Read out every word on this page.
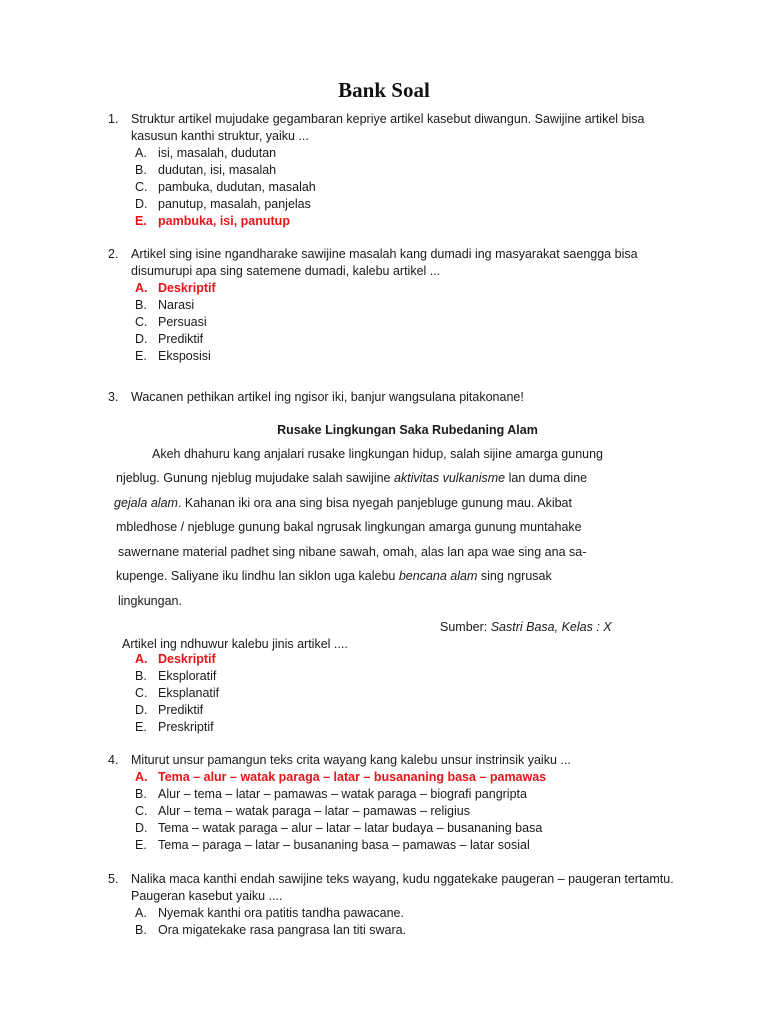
Bank Soal
1. Struktur artikel mujudake gegambaran kepriye artikel kasebut diwangun. Sawijine artikel bisa kasusun kanthi struktur, yaiku ...
A. isi, masalah, dudutan
B. dudutan, isi, masalah
C. pambuka, dudutan, masalah
D. panutup, masalah, panjelas
E. pambuka, isi, panutup
2. Artikel sing isine ngandharake sawijine masalah kang dumadi ing masyarakat saengga bisa disumurupi apa sing satemene dumadi, kalebu artikel ...
A. Deskriptif
B. Narasi
C. Persuasi
D. Prediktif
E. Eksposisi
3. Wacanen pethikan artikel ing ngisor iki, banjur wangsulana pitakonane!
Rusake Lingkungan Saka Rubedaning Alam
Akeh dhahuru kang anjalari rusake lingkungan hidup, salah sijine amarga gunung
njeblug. Gunung njeblug mujudake salah sawijine aktivitas vulkanisme lan duma dine
gejala alam. Kahanan iki ora ana sing bisa nyegah panjebluge gunung mau. Akibat
mbledhose / njebluge gunung bakal ngrusak lingkungan amarga gunung muntahake
sawernane material padhet sing nibane sawah, omah, alas lan apa wae sing ana sa-
kupenge. Saliyane iku lindhu lan siklon uga kalebu bencana alam sing ngrusak
lingkungan.
Sumber: Sastri Basa, Kelas : X
Artikel ing ndhuwur kalebu jinis artikel ....
A. Deskriptif
B. Eksploratif
C. Eksplanatif
D. Prediktif
E. Preskriptif
4. Miturut unsur pamangun teks crita wayang kang kalebu unsur instrinsik yaiku ...
A. Tema – alur – watak paraga – latar – busananing basa – pamawas
B. Alur – tema – latar – pamawas – watak paraga – biografi pangripta
C. Alur – tema – watak paraga – latar – pamawas – religius
D. Tema – watak paraga – alur – latar – latar budaya – busananing basa
E. Tema – paraga – latar – busananing basa – pamawas – latar sosial
5. Nalika maca kanthi endah sawijine teks wayang, kudu nggatekake paugeran – paugeran tertamtu. Paugeran kasebut yaiku ....
A. Nyemak kanthi ora patitis tandha pawacane.
B. Ora migatekake rasa pangrasa lan titi swara.
